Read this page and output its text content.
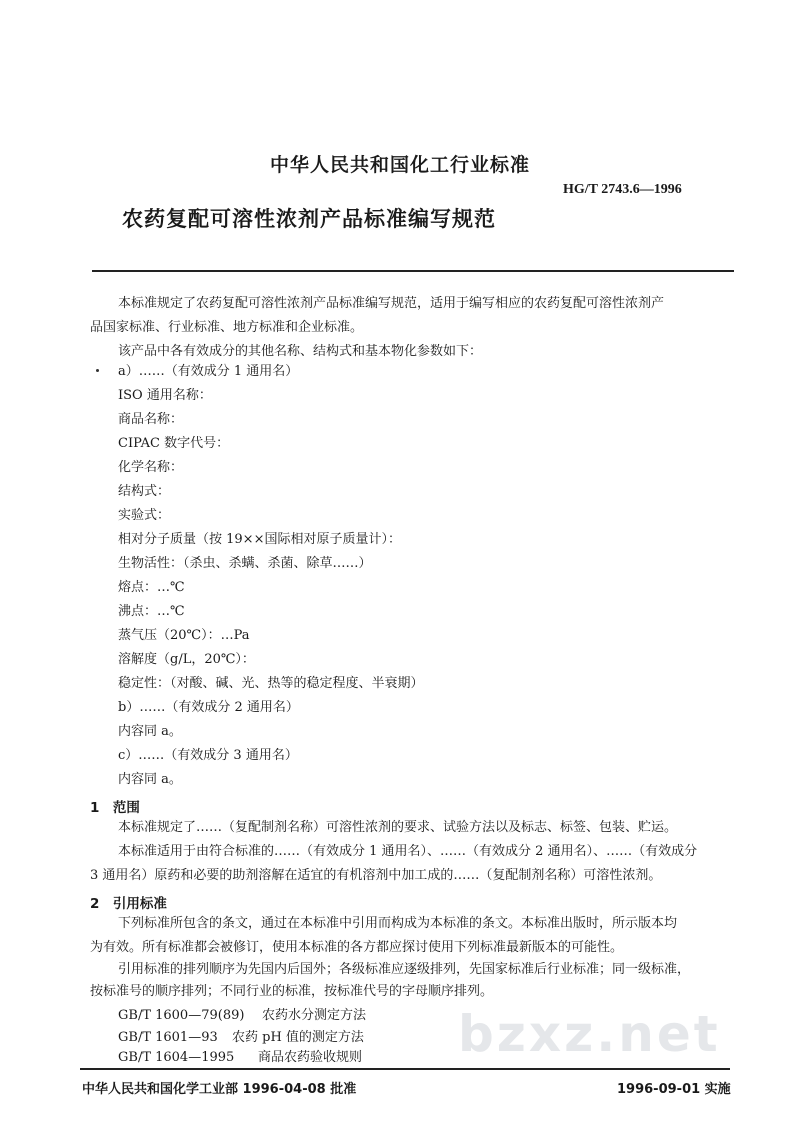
中华人民共和国化工行业标准
HG/T 2743.6—1996
农药复配可溶性浓剂产品标准编写规范
本标准规定了农药复配可溶性浓剂产品标准编写规范，适用于编写相应的农药复配可溶性浓剂产
品国家标准、行业标准、地方标准和企业标准。
该产品中各有效成分的其他名称、结构式和基本物化参数如下：
a）……（有效成分 1 通用名）
ISO 通用名称：
商品名称：
CIPAC 数字代号：
化学名称：
结构式：
实验式：
相对分子质量（按 19××国际相对原子质量计）：
生物活性：（杀虫、杀螨、杀菌、除草……）
熔点：…℃
沸点：…℃
蒸气压（20℃）：…Pa
溶解度（g/L，20℃）：
稳定性：（对酸、碱、光、热等的稳定程度、半衰期）
b）……（有效成分 2 通用名）
内容同 a。
c）……（有效成分 3 通用名）
内容同 a。
1　范围
本标准规定了……（复配制剂名称）可溶性浓剂的要求、试验方法以及标志、标签、包装、贮运。
本标准适用于由符合标准的……（有效成分 1 通用名）、……（有效成分 2 通用名）、……（有效成分
3 通用名）原药和必要的助剂溶解在适宜的有机溶剂中加工成的……（复配制剂名称）可溶性浓剂。
2　引用标准
下列标准所包含的条文，通过在本标准中引用而构成为本标准的条文。本标准出版时，所示版本均
为有效。所有标准都会被修订，使用本标准的各方都应探讨使用下列标准最新版本的可能性。
引用标准的排列顺序为先国内后国外；各级标准应逐级排列，先国家标准后行业标准；同一级标准，
按标准号的顺序排列；不同行业的标准，按标准代号的字母顺序排列。
bzxz.net
GB/T 1600—79(89) 农药水分测定方法
GB/T 1601—93 农药 pH 值的测定方法
GB/T 1604—1995 商品农药验收规则
中华人民共和国化学工业部 1996-04-08 批准	1996-09-01 实施
